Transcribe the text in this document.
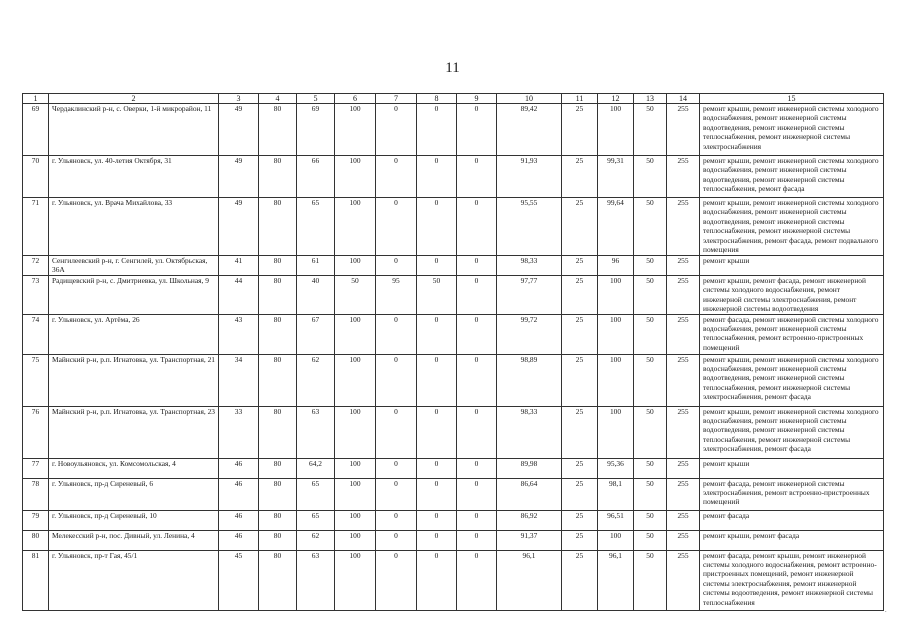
11
1	2	3	4	5	6	7	8	9	10	11	12	13	14	15
69	Чердаклинский р-н, с. Оверки, 1-й микрорайон, 11	49	80	69	100	0	0	0	89,42	25	100	50	255	ремонт крыши, ремонт инженерной системы холодного водоснабжения, ремонт инженерной системы водоотведения, ремонт инженерной системы теплоснабжения, ремонт инженерной системы электроснабжения
70	г. Ульяновск, ул. 40-летия Октября, 31	49	80	66	100	0	0	0	91,93	25	99,31	50	255	ремонт крыши, ремонт инженерной системы холодного водоснабжения, ремонт инженерной системы водоотведения, ремонт инженерной системы теплоснабжения, ремонт фасада
71	г. Ульяновск, ул. Врача Михайлова, 33	49	80	65	100	0	0	0	95,55	25	99,64	50	255	ремонт крыши, ремонт инженерной системы холодного водоснабжения, ремонт инженерной системы водоотведения, ремонт инженерной системы теплоснабжения, ремонт инженерной системы электроснабжения, ремонт фасада, ремонт подвального помещения
72	Сенгилеевский р-н, г. Сенгилей, ул. Октябрьская, 36А	41	80	61	100	0	0	0	98,33	25	96	50	255	ремонт крыши
73	Радищевский р-н, с. Дмитриевка, ул. Школьная, 9	44	80	40	50	95	50	0	97,77	25	100	50	255	ремонт крыши, ремонт фасада, ремонт инженерной системы холодного водоснабжения, ремонт инженерной системы электроснабжения, ремонт инженерной системы водоотведения
74	г. Ульяновск, ул. Артёма, 26	43	80	67	100	0	0	0	99,72	25	100	50	255	ремонт фасада, ремонт инженерной системы холодного водоснабжения, ремонт инженерной системы теплоснабжения, ремонт встроенно-пристроенных помещений
75	Майнский р-н, р.п. Игнатовка, ул. Транспортная, 21	34	80	62	100	0	0	0	98,89	25	100	50	255	ремонт крыши, ремонт инженерной системы холодного водоснабжения, ремонт инженерной системы водоотведения, ремонт инженерной системы теплоснабжения, ремонт инженерной системы электроснабжения, ремонт фасада
76	Майнский р-н, р.п. Игнатовка, ул. Транспортная, 23	33	80	63	100	0	0	0	98,33	25	100	50	255	ремонт крыши, ремонт инженерной системы холодного водоснабжения, ремонт инженерной системы водоотведения, ремонт инженерной системы теплоснабжения, ремонт инженерной системы электроснабжения, ремонт фасада
77	г. Новоульяновск, ул. Комсомольская, 4	46	80	64,2	100	0	0	0	89,98	25	95,36	50	255	ремонт крыши
78	г. Ульяновск, пр-д Сиреневый, 6	46	80	65	100	0	0	0	86,64	25	98,1	50	255	ремонт фасада, ремонт инженерной системы электроснабжения, ремонт встроенно-пристроенных помещений
79	г. Ульяновск, пр-д Сиреневый, 10	46	80	65	100	0	0	0	86,92	25	96,51	50	255	ремонт фасада
80	Мелекесский р-н, пос. Дивный, ул. Ленина, 4	46	80	62	100	0	0	0	91,37	25	100	50	255	ремонт крыши, ремонт фасада
81	г. Ульяновск, пр-т Гая, 45/1	45	80	63	100	0	0	0	96,1	25	96,1	50	255	ремонт фасада, ремонт крыши, ремонт инженерной системы холодного водоснабжения, ремонт встроенно-пристроенных помещений, ремонт инженерной системы электроснабжения, ремонт инженерной системы водоотведения, ремонт инженерной системы теплоснабжения
·
